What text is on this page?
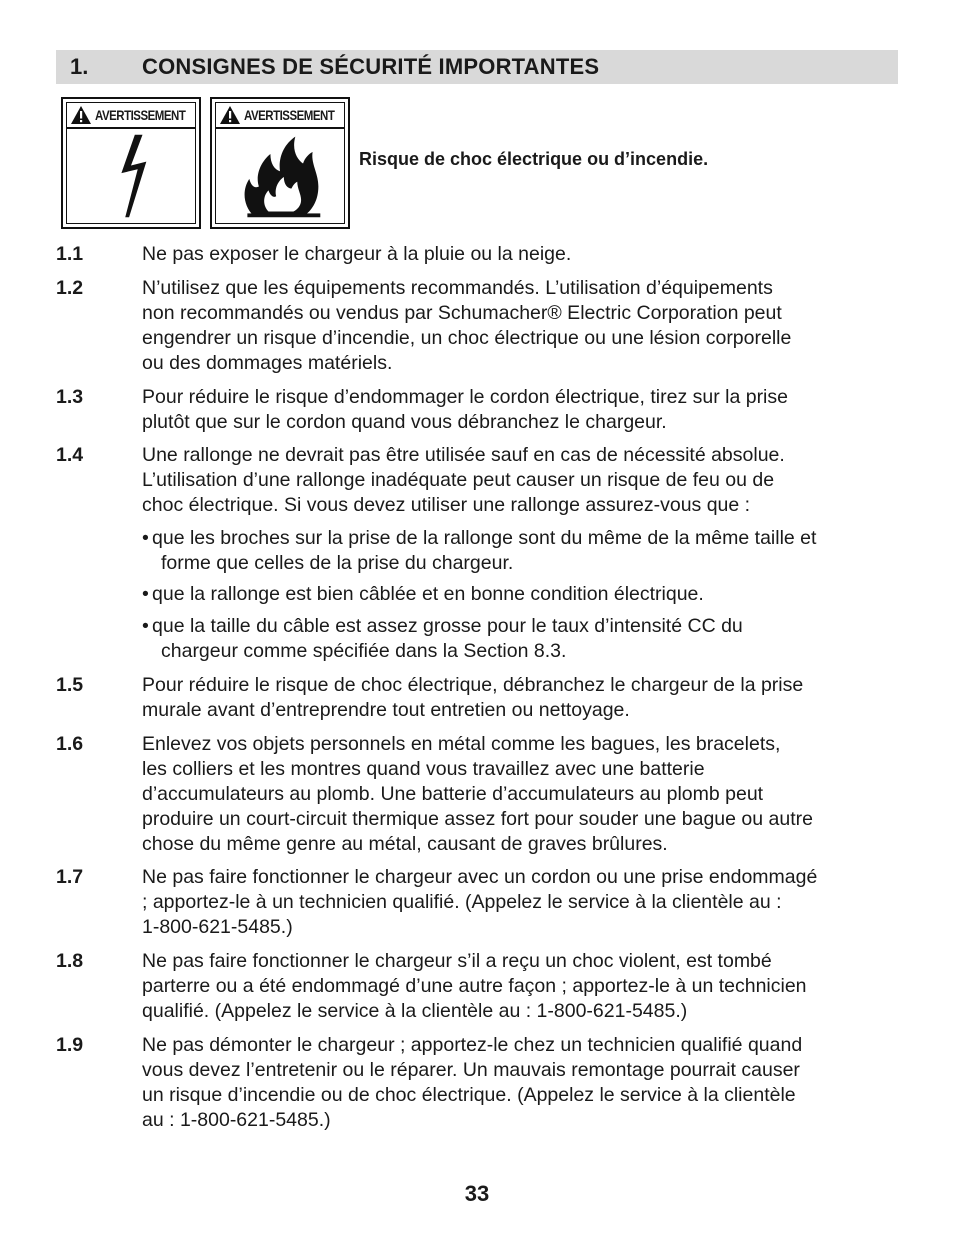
1. CONSIGNES DE SÉCURITÉ IMPORTANTES
AVERTISSEMENT	AVERTISSEMENT
Risque de choc électrique ou d’incendie.
1.1	Ne pas exposer le chargeur à la pluie ou la neige.
1.2	N’utilisez que les équipements recommandés. L’utilisation d’équipements
non recommandés ou vendus par Schumacher® Electric Corporation peut
engendrer un risque d’incendie, un choc électrique ou une lésion corporelle
ou des dommages matériels.
1.3	Pour réduire le risque d’endommager le cordon électrique, tirez sur la prise
plutôt que sur le cordon quand vous débranchez le chargeur.
1.4	Une rallonge ne devrait pas être utilisée sauf en cas de nécessité absolue.
L’utilisation d’une rallonge inadéquate peut causer un risque de feu ou de
choc électrique. Si vous devez utiliser une rallonge assurez-vous que :
• que les broches sur la prise de la rallonge sont du même de la même taille et
forme que celles de la prise du chargeur.
• que la rallonge est bien câblée et en bonne condition électrique.
• que la taille du câble est assez grosse pour le taux d’intensité CC du
chargeur comme spécifiée dans la Section 8.3.
1.5	Pour réduire le risque de choc électrique, débranchez le chargeur de la prise
murale avant d’entreprendre tout entretien ou nettoyage.
1.6	Enlevez vos objets personnels en métal comme les bagues, les bracelets,
les colliers et les montres quand vous travaillez avec une batterie
d’accumulateurs au plomb. Une batterie d’accumulateurs au plomb peut
produire un court-circuit thermique assez fort pour souder une bague ou autre
chose du même genre au métal, causant de graves brûlures.
1.7	Ne pas faire fonctionner le chargeur avec un cordon ou une prise endommagé
; apportez-le à un technicien qualifié. (Appelez le service à la clientèle au :
1-800-621-5485.)
1.8	Ne pas faire fonctionner le chargeur s’il a reçu un choc violent, est tombé
parterre ou a été endommagé d’une autre façon ; apportez-le à un technicien
qualifié. (Appelez le service à la clientèle au : 1-800-621-5485.)
1.9	Ne pas démonter le chargeur ; apportez-le chez un technicien qualifié quand
vous devez l’entretenir ou le réparer. Un mauvais remontage pourrait causer
un risque d’incendie ou de choc électrique. (Appelez le service à la clientèle
au : 1-800-621-5485.)
33
